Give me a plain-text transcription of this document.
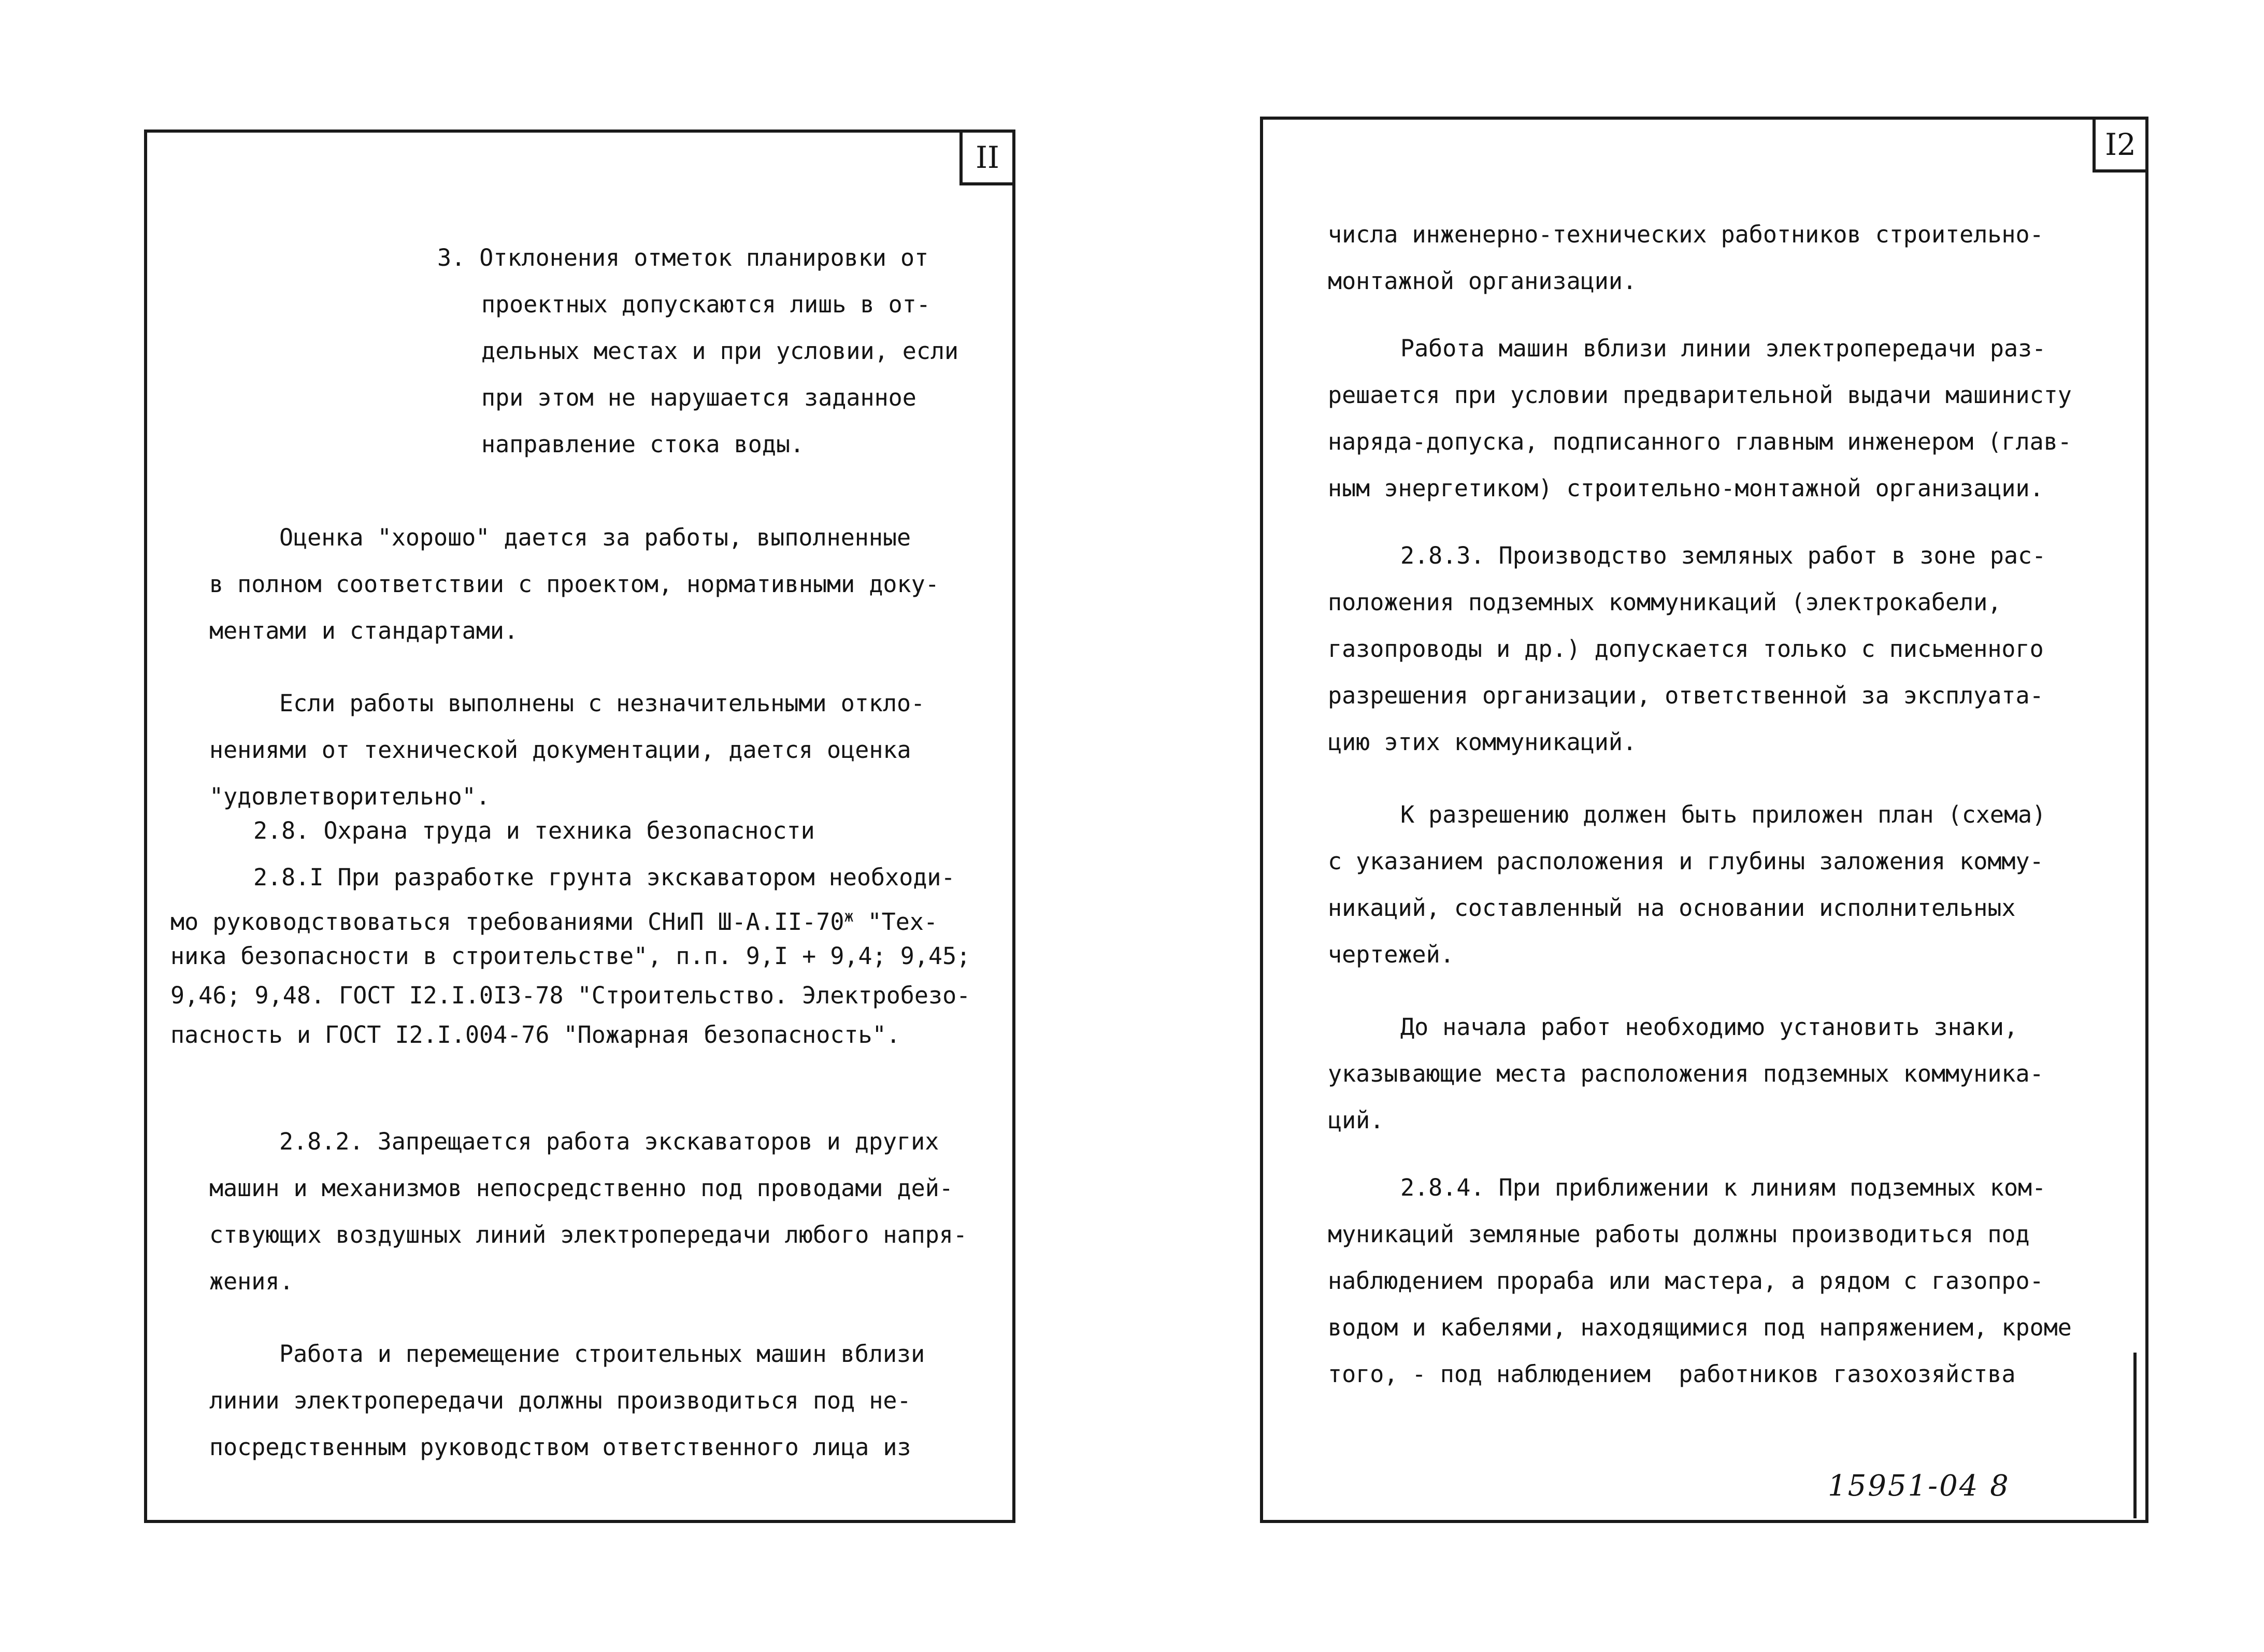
II
3. Отклонения отметок планировки от
проектных допускаются лишь в от-
дельных местах и при условии, если
при этом не нарушается заданное
направление стока воды.
Оценка "хорошо" дается за работы, выполненные
в полном соответствии с проектом, нормативными доку-
ментами и стандартами.
Если работы выполнены с незначительными откло-
нениями от технической документации, дается оценка
"удовлетворительно".
2.8. Охрана труда и техника безопасности
2.8.I При разработке грунта экскаватором необходи-
мо руководствоваться требованиями СНиП $Ш-А.II-70^ж$ "Тех-
ника безопасности в строительстве", п.п. 9,I + 9,4; 9,45;
9,46; 9,48. ГОСТ I2.I.0I3-78 "Строительство. Электробезо-
пасность и ГОСТ I2.I.004-76 "Пожарная безопасность".
2.8.2. Запрещается работа экскаваторов и других
машин и механизмов непосредственно под проводами дей-
ствующих воздушных линий электропередачи любого напря-
жения.
Работа и перемещение строительных машин вблизи
линии электропередачи должны производиться под не-
посредственным руководством ответственного лица из
I2
числа инженерно-технических работников строительно-
монтажной организации.
Работа машин вблизи линии электропередачи раз-
решается при условии предварительной выдачи машинисту
наряда-допуска, подписанного главным инженером (глав-
ным энергетиком) строительно-монтажной организации.
2.8.3. Производство земляных работ в зоне рас-
положения подземных коммуникаций (электрокабели,
газопроводы и др.) допускается только с письменного
разрешения организации, ответственной за эксплуата-
цию этих коммуникаций.
К разрешению должен быть приложен план (схема)
с указанием расположения и глубины заложения комму-
никаций, составленный на основании исполнительных
чертежей.
До начала работ необходимо установить знаки,
указывающие места расположения подземных коммуника-
ций.
2.8.4. При приближении к линиям подземных ком-
муникаций земляные работы должны производиться под
наблюдением прораба или мастера, а рядом с газопро-
водом и кабелями, находящимися под напряжением, кроме
того, - под наблюдением  работников газохозяйства
15951-04 8
